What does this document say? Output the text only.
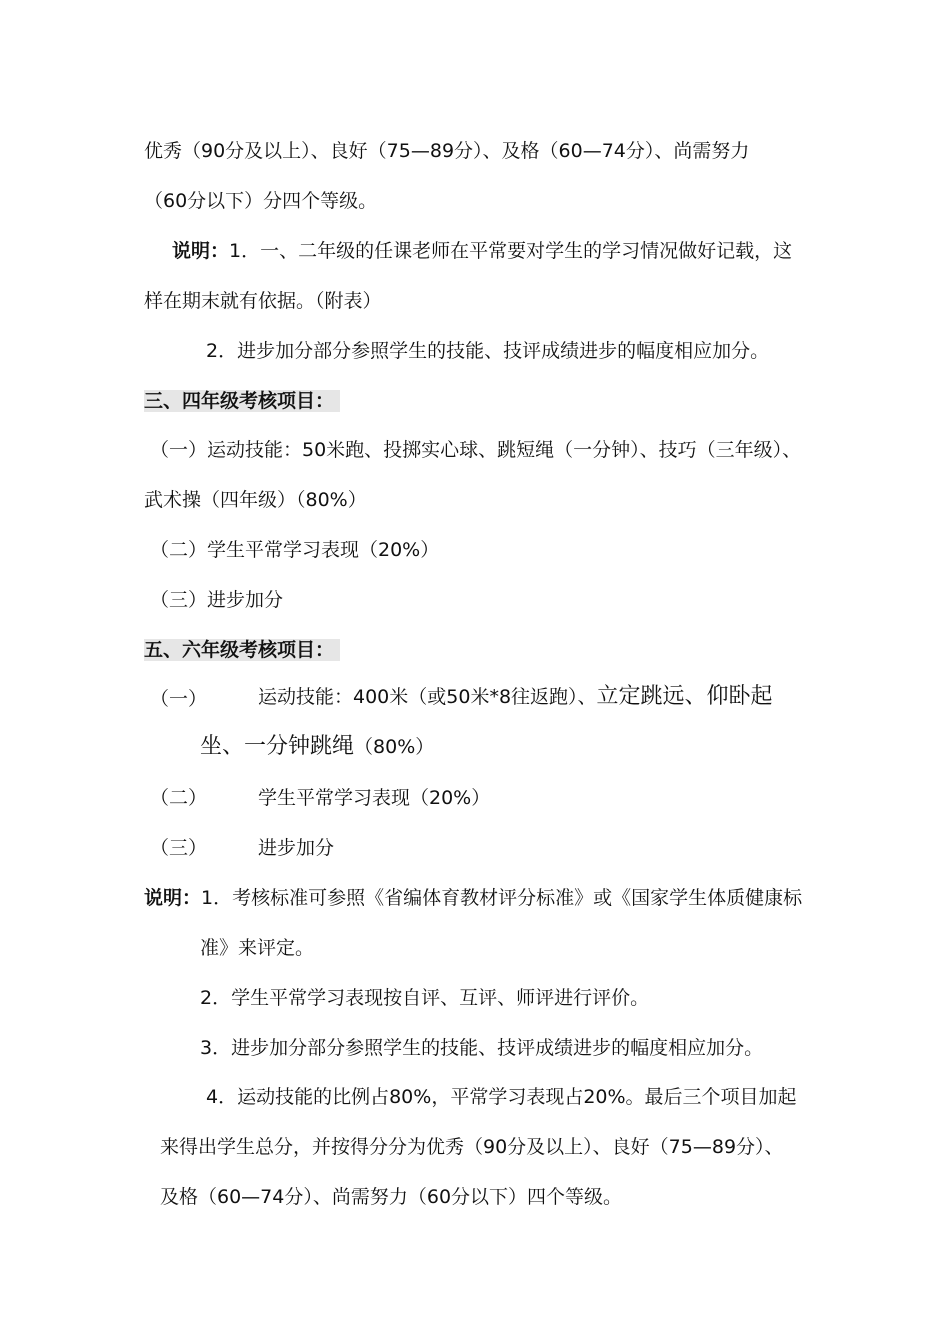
优秀（90分及以上）、良好（75—89分）、及格（60—74分）、尚需努力
（60分以下）分四个等级。
说明：1．一、二年级的任课老师在平常要对学生的学习情况做好记载，这
样在期末就有依据。（附表）
2．进步加分部分参照学生的技能、技评成绩进步的幅度相应加分。
三、四年级考核项目：
（一）运动技能：50米跑、投掷实心球、跳短绳（一分钟）、技巧（三年级）、
武术操（四年级）（80%）
（二）学生平常学习表现（20%）
（三）进步加分
五、六年级考核项目：
（一）	运动技能：400米（或50米*8往返跑）、立定跳远、仰卧起
坐、一分钟跳绳（80%）
（二）	学生平常学习表现（20%）
（三）	进步加分
说明：1．考核标准可参照《省编体育教材评分标准》或《国家学生体质健康标
准》来评定。
2．学生平常学习表现按自评、互评、师评进行评价。
3．进步加分部分参照学生的技能、技评成绩进步的幅度相应加分。
4．运动技能的比例占80%，平常学习表现占20%。最后三个项目加起
来得出学生总分，并按得分分为优秀（90分及以上）、良好（75—89分）、
及格（60—74分）、尚需努力（60分以下）四个等级。
